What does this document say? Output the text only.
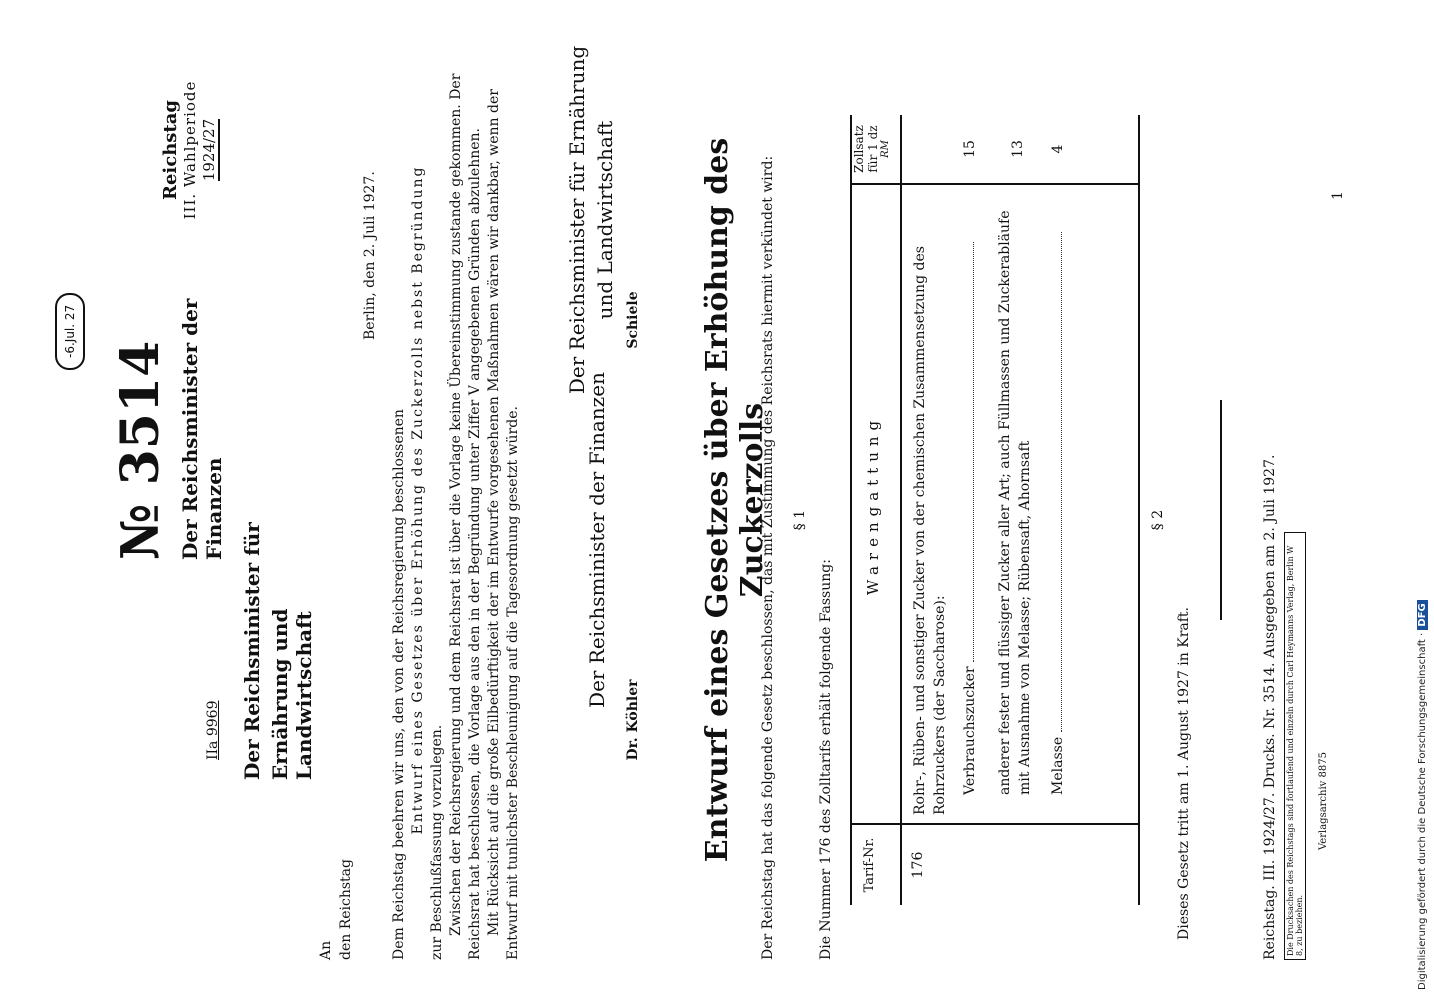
№ 3514
-6.Jul. 27
Reichstag III. Wahlperiode 1924/27
Der Reichsminister der Finanzen
IIa 9969 Der Reichsminister für Ernährung und Landwirtschaft
An den Reichstag
Berlin, den 2. Juli 1927.
Dem Reichstag beehren wir uns, den von der Reichsregierung beschlossenen Entwurf eines Gesetzes über Erhöhung des Zuckerzolls nebst Begründung
zur Beschlußfassung vorzulegen. Zwischen der Reichsregierung und dem Reichsrat ist über die Vorlage keine Übereinstimmung zustande gekommen. Der Reichsrat hat beschlossen, die Vorlage aus den in der Begründung unter Ziffer V angegebenen Gründen abzulehnen. Mit Rücksicht auf die große Eilbedürftigkeit der im Entwurfe vorgesehenen Maßnahmen wären wir dankbar, wenn der Entwurf mit tunlichster Beschleunigung auf die Tagesordnung gesetzt würde.	Der Reichsminister der Finanzen
Dr. Köhler
Der Reichsminister für Ernährung und Landwirtschaft
Schiele Entwurf eines Gesetzes über Erhöhung des Zuckerzolls
Der Reichstag hat das folgende Gesetz beschlossen, das mit Zustimmung des Reichsrats hiermit verkündet wird: § 1
Die Nummer 176 des Zolltarifs erhält folgende Fassung: Tarif-Nr.
Warengattung
Zollsatz für 1 dz RM
176
Rohr-, Rüben- und sonstiger Zucker von der chemischen Zusammensetzung des Rohrzuckers (der Saccharose): Verbrauchszucker
15
anderer fester und flüssiger Zucker aller Art; auch Füllmassen und Zuckerabläufe mit Ausnahme von Melasse; Rübensaft, Ahornsaft
13
Melasse
4
§ 2
Dieses Gesetz tritt am 1. August 1927 in Kraft.	Reichstag. III. 1924/27. Drucks. Nr. 3514. Ausgegeben am 2. Juli 1927. Die Drucksachen des Reichstags sind fortlaufend und einzeln durch Carl Heymanns Verlag, Berlin W 8, zu beziehen.
Verlagsarchiv 8875
1
Digitalisierung gefördert durch die Deutsche Forschungsgemeinschaft · DFG
